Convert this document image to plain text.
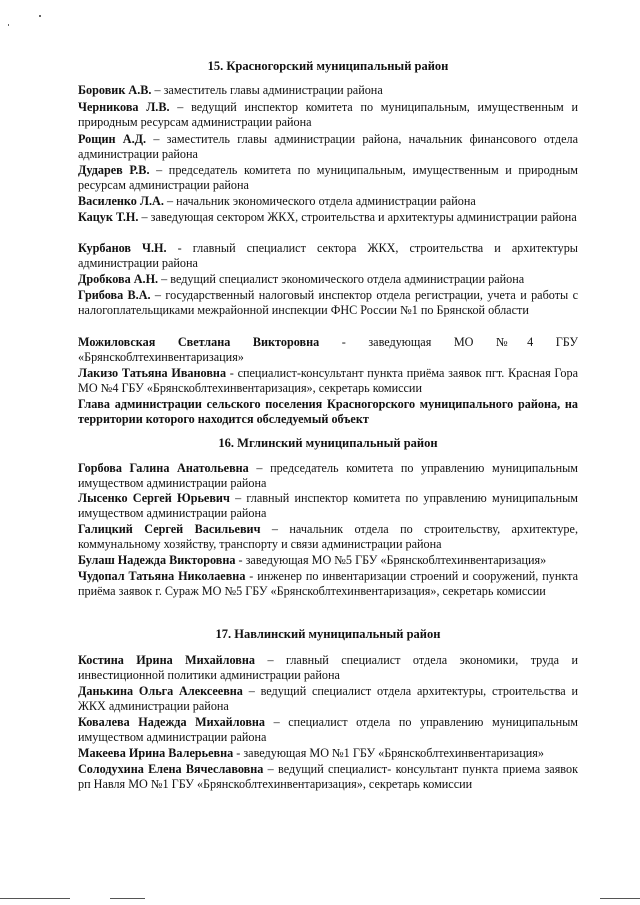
15. Красногорский муниципальный район
Боровик А.В. – заместитель главы администрации района
Черникова Л.В. – ведущий инспектор комитета по муниципальным, имущественным и природным ресурсам администрации района
Рощин А.Д. – заместитель главы администрации района, начальник финансового отдела администрации района
Дударев Р.В. – председатель комитета по муниципальным, имущественным и природным ресурсам администрации района
Василенко Л.А. – начальник экономического отдела администрации района
Кацук Т.Н. – заведующая сектором ЖКХ, строительства и архитектуры администрации района
Курбанов Ч.Н. - главный специалист сектора ЖКХ, строительства и архитектуры администрации района
Дробкова А.Н. – ведущий специалист экономического отдела администрации района
Грибова В.А. – государственный налоговый инспектор отдела регистрации, учета и работы с налогоплательщиками межрайонной инспекции ФНС России №1 по Брянской области
Можиловская Светлана Викторовна - заведующая МО №4 ГБУ «Брянскоблтехинвентаризация»
Лакизо Татьяна Ивановна - специалист-консультант пункта приёма заявок пгт. Красная Гора МО №4 ГБУ «Брянскоблтехинвентаризация», секретарь комиссии
Глава администрации сельского поселения Красногорского муниципального района, на территории которого находится обследуемый объект
16. Мглинский муниципальный район
Горбова Галина Анатольевна – председатель комитета по управлению муниципальным имуществом администрации района
Лысенко Сергей Юрьевич – главный инспектор комитета по управлению муниципальным имуществом администрации района
Галицкий Сергей Васильевич – начальник отдела по строительству, архитектуре, коммунальному хозяйству, транспорту и связи администрации района
Булаш Надежда Викторовна - заведующая МО №5 ГБУ «Брянскоблтехинвентаризация»
Чудопал Татьяна Николаевна - инженер по инвентаризации строений и сооружений, пункта приёма заявок г. Сураж МО №5 ГБУ «Брянскоблтехинвентаризация», секретарь комиссии
17. Навлинский муниципальный район
Костина Ирина Михайловна – главный специалист отдела экономики, труда и инвестиционной политики администрации района
Данькина Ольга Алексеевна – ведущий специалист отдела архитектуры, строительства и ЖКХ администрации района
Ковалева Надежда Михайловна – специалист отдела по управлению муниципальным имуществом администрации района
Макеева Ирина Валерьевна - заведующая МО №1 ГБУ «Брянскоблтехинвентаризация»
Солодухина Елена Вячеславовна – ведущий специалист- консультант пункта приема заявок рп Навля МО №1 ГБУ «Брянскоблтехинвентаризация», секретарь комиссии
